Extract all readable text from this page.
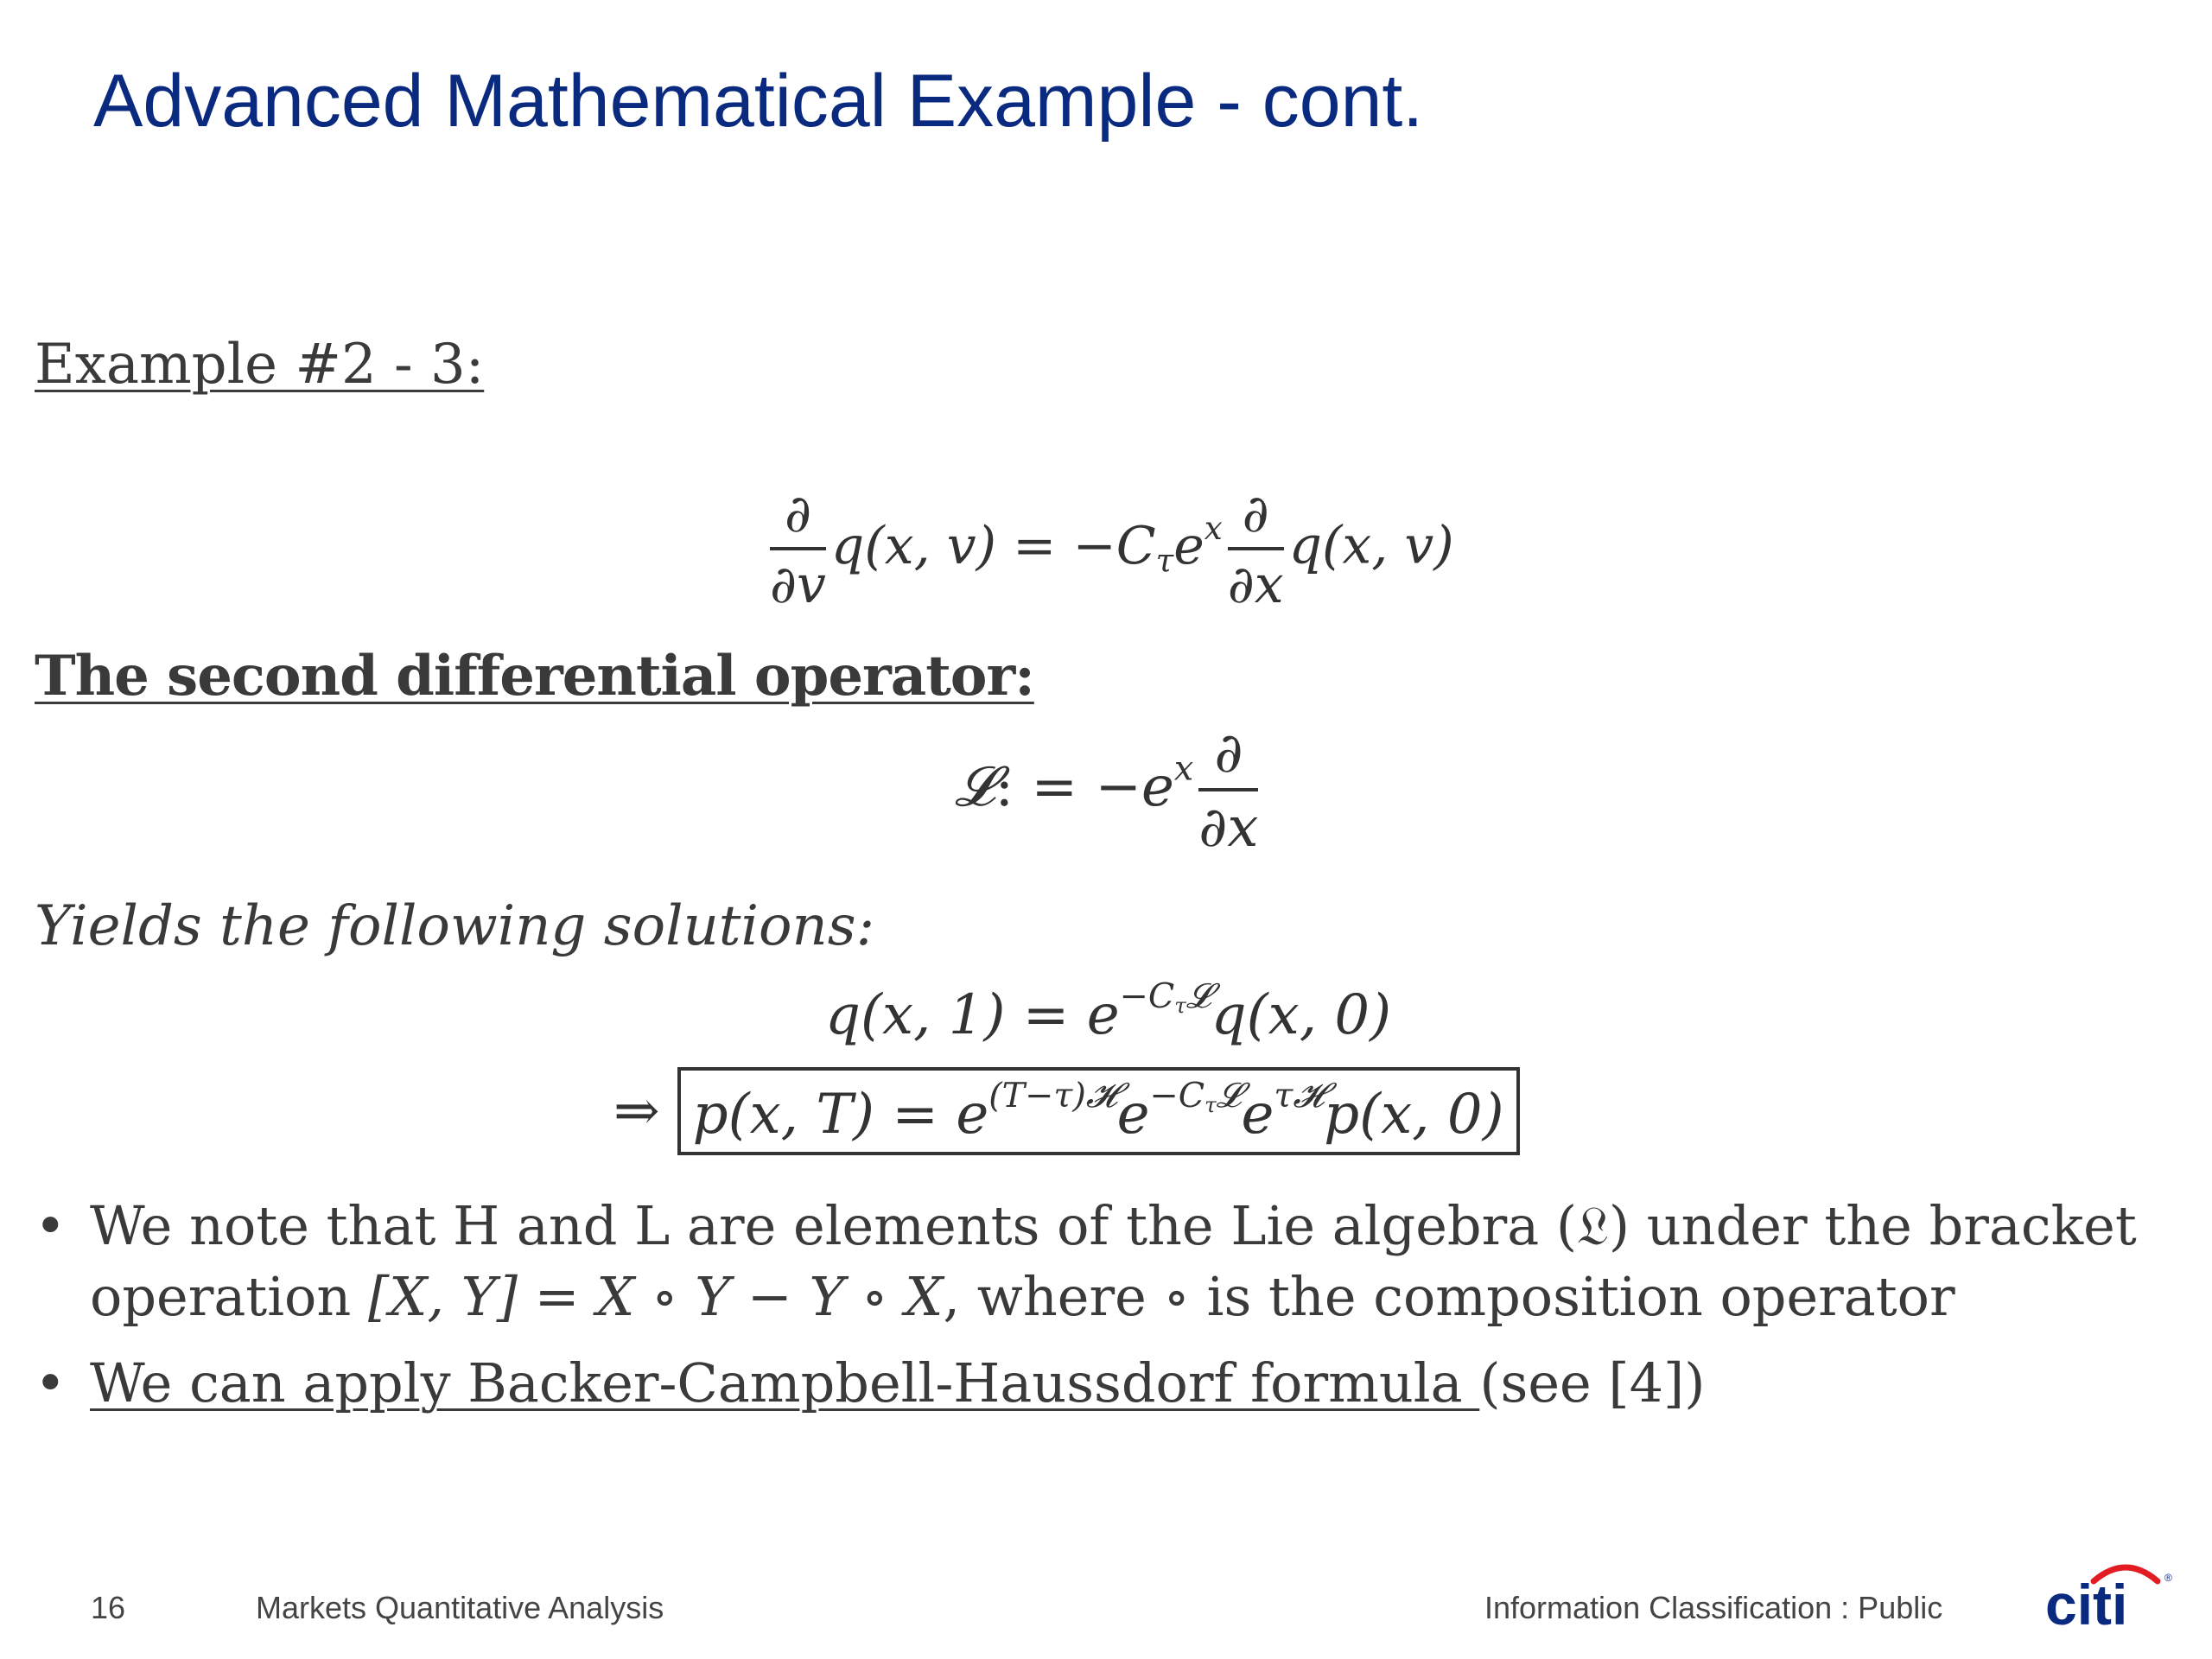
Advanced Mathematical Example - cont.
Example #2 - 3:
$\frac{\partial}{\partial v} q(x$, $v) = -C_\tau e^x \frac{\partial}{\partial x} q(x$, v)
The second differential operator:
𝓛: = $-e^x \frac{\partial}{\partial x}$
Yields the following solutions:
q(x, $1) = e^{-C_\tau 𝓛}q(x$, 0)
⇒ p(x, $T) = e^{(T-\tau)𝓗}e^{-C_\tau 𝓛}e^{\tau 𝓗}p(x$, 0)
• We note that H and L are elements of the Lie algebra (𝔏) under the bracket
operation [X, Y] = X ∘ Y − Y ∘ X, where ∘ is the composition operator
• We can apply Backer-Campbell-Haussdorf formula (see [4])
16	Markets Quantitative Analysis	Information Classification : Public citi	®
